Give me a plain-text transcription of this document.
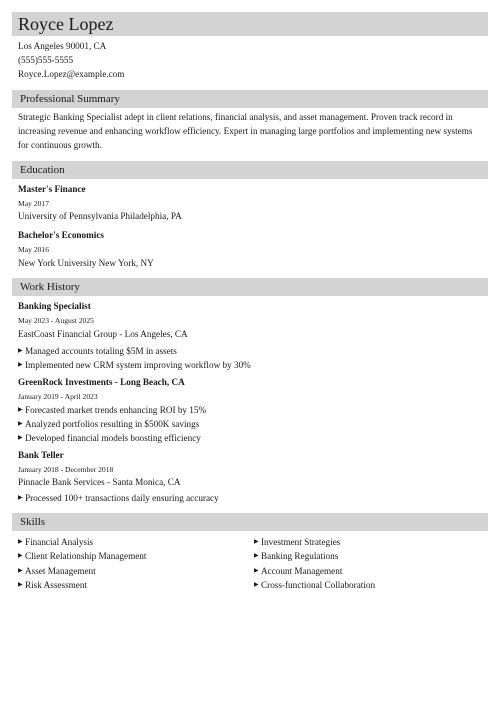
Royce Lopez
Los Angeles 90001, CA
(555)555-5555
Royce.Lopez@example.com
Professional Summary
Strategic Banking Specialist adept in client relations, financial analysis, and asset management. Proven track record in increasing revenue and enhancing workflow efficiency. Expert in managing large portfolios and implementing new systems for continuous growth.
Education
Master's Finance
May 2017
University of Pennsylvania Philadelphia, PA
Bachelor's Economics
May 2016
New York University New York, NY
Work History
Banking Specialist
May 2023 - August 2025
EastCoast Financial Group - Los Angeles, CA
▶ Managed accounts totaling $5M in assets
▶ Implemented new CRM system improving workflow by 30%
GreenRock Investments - Long Beach, CA
January 2019 - April 2023
▶ Forecasted market trends enhancing ROI by 15%
▶ Analyzed portfolios resulting in $500K savings
▶ Developed financial models boosting efficiency
Bank Teller
January 2018 - December 2018
Pinnacle Bank Services - Santa Monica, CA
▶ Processed 100+ transactions daily ensuring accuracy
Skills
▶ Financial Analysis
▶ Client Relationship Management
▶ Asset Management
▶ Risk Assessment
▶ Investment Strategies
▶ Banking Regulations
▶ Account Management
▶ Cross-functional Collaboration
